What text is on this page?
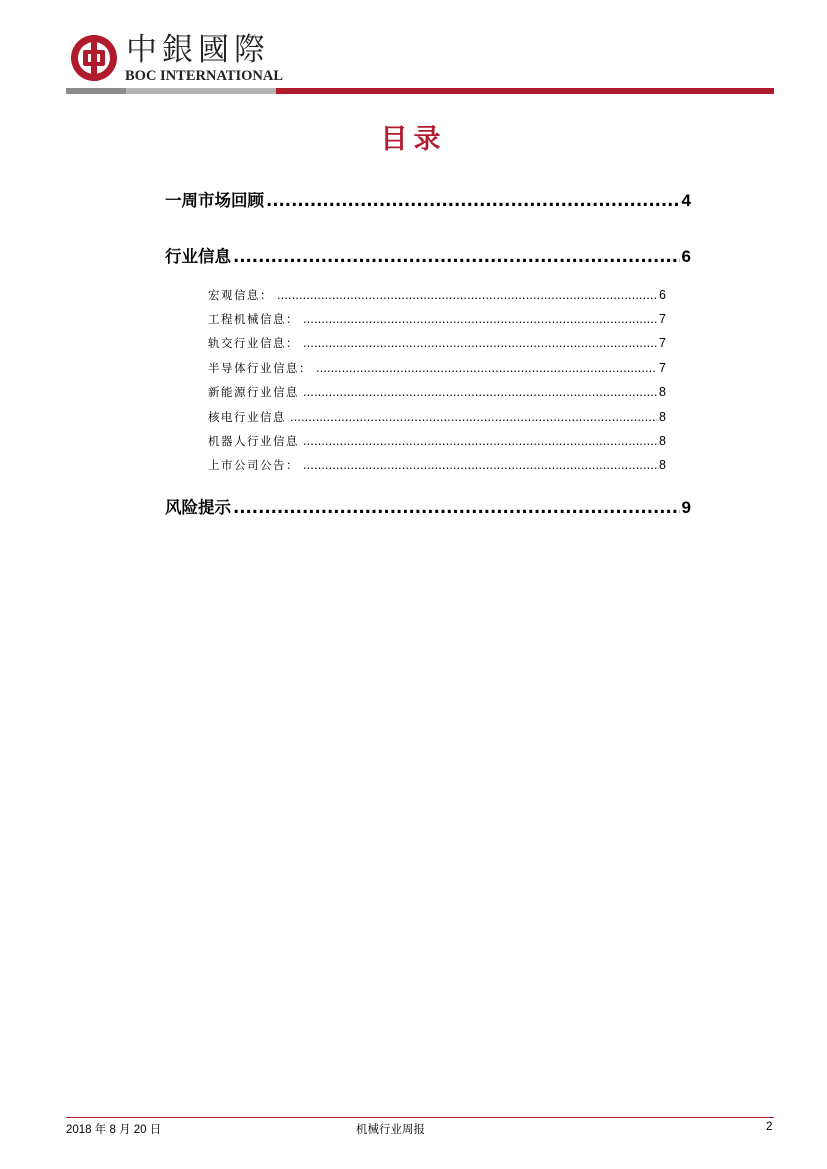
中銀國際
BOC INTERNATIONAL
目录
一周市场回顾 .....	4
行业信息 .....	6
宏观信息： .....	6
工程机械信息： .....	7
轨交行业信息： .....	7
半导体行业信息： .....	7
新能源行业信息 .....	8
核电行业信息 .....	8
机器人行业信息 .....	8
上市公司公告： .....	8
风险提示 .....	9
2018 年 8 月 20 日	机械行业周报	2
